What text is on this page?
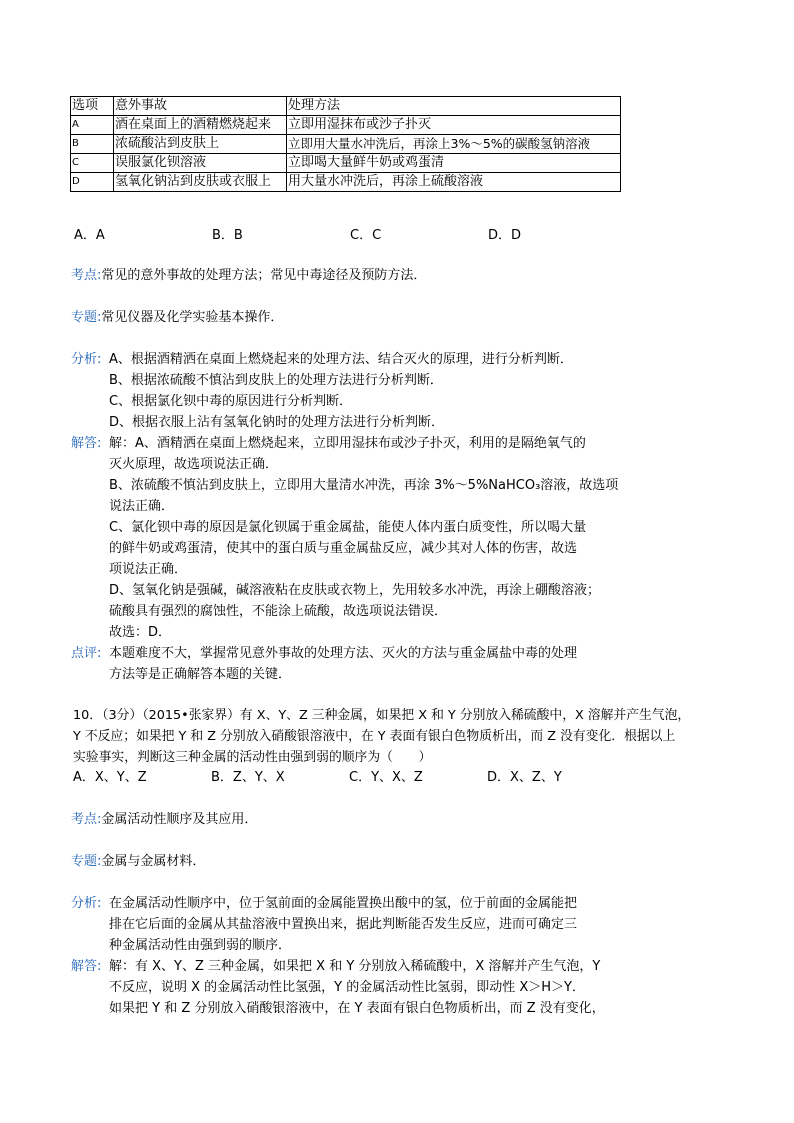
选项	意外事故	处理方法
A	酒在桌面上的酒精燃烧起来	立即用湿抹布或沙子扑灭
B	浓硫酸沾到皮肤上	立即用大量水冲洗后，再涂上3%～5%的碳酸氢钠溶液
C	误服氯化钡溶液	立即喝大量鲜牛奶或鸡蛋清
D	氢氧化钠沾到皮肤或衣服上	用大量水冲洗后，再涂上硫酸溶液
A．A	B．B	C．C	D．D
考点:常见的意外事故的处理方法；常见中毒途径及预防方法．
专题:常见仪器及化学实验基本操作．
分析: A、根据酒精洒在桌面上燃烧起来的处理方法、结合灭火的原理，进行分析判断．
B、根据浓硫酸不慎沾到皮肤上的处理方法进行分析判断．
C、根据氯化钡中毒的原因进行分析判断．
D、根据衣服上沾有氢氧化钠时的处理方法进行分析判断．
解答: 解：A、酒精洒在桌面上燃烧起来，立即用湿抹布或沙子扑灭，利用的是隔绝氧气的
灭火原理，故选项说法正确．
B、浓硫酸不慎沾到皮肤上，立即用大量清水冲洗，再涂 3%～5%NaHCO₃溶液，故选项
说法正确．
C、氯化钡中毒的原因是氯化钡属于重金属盐，能使人体内蛋白质变性，所以喝大量
的鲜牛奶或鸡蛋清，使其中的蛋白质与重金属盐反应，减少其对人体的伤害，故选
项说法正确．
D、氢氧化钠是强碱，碱溶液粘在皮肤或衣物上，先用较多水冲洗，再涂上硼酸溶液；
硫酸具有强烈的腐蚀性，不能涂上硫酸，故选项说法错误．
故选：D．
点评: 本题难度不大，掌握常见意外事故的处理方法、灭火的方法与重金属盐中毒的处理
方法等是正确解答本题的关键．
10．（3分）（2015•张家界）有 X、Y、Z 三种金属，如果把 X 和 Y 分别放入稀硫酸中，X 溶解并产生气泡，
Y 不反应；如果把 Y 和 Z 分别放入硝酸银溶液中，在 Y 表面有银白色物质析出，而 Z 没有变化．根据以上
实验事实，判断这三种金属的活动性由强到弱的顺序为（　　）
A．X、Y、Z	B．Z、Y、X	C．Y、X、Z	D．X、Z、Y
考点:金属活动性顺序及其应用．
专题:金属与金属材料．
分析: 在金属活动性顺序中，位于氢前面的金属能置换出酸中的氢，位于前面的金属能把
排在它后面的金属从其盐溶液中置换出来，据此判断能否发生反应，进而可确定三
种金属活动性由强到弱的顺序．
解答: 解：有 X、Y、Z 三种金属，如果把 X 和 Y 分别放入稀硫酸中，X 溶解并产生气泡，Y
不反应，说明 X 的金属活动性比氢强，Y 的金属活动性比氢弱，即动性 X＞H＞Y．
如果把 Y 和 Z 分别放入硝酸银溶液中，在 Y 表面有银白色物质析出，而 Z 没有变化，
